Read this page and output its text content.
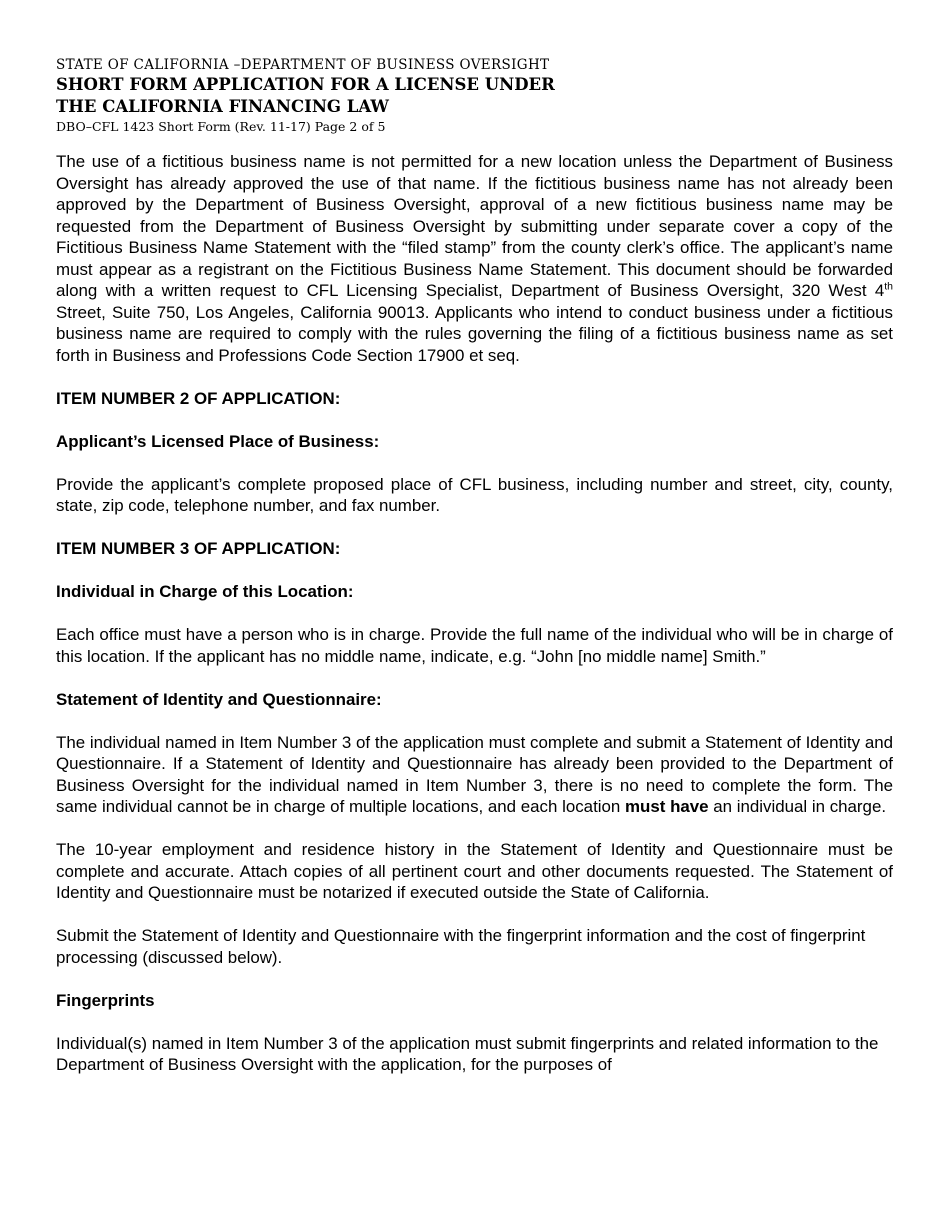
STATE OF CALIFORNIA –DEPARTMENT OF BUSINESS OVERSIGHT
SHORT FORM APPLICATION FOR A LICENSE UNDER
THE CALIFORNIA FINANCING LAW
DBO–CFL 1423 Short Form (Rev. 11-17) Page 2 of 5

The use of a fictitious business name is not permitted for a new location unless the Department of Business Oversight has already approved the use of that name. If the fictitious business name has not already been approved by the Department of Business Oversight, approval of a new fictitious business name may be requested from the Department of Business Oversight by submitting under separate cover a copy of the Fictitious Business Name Statement with the “filed stamp” from the county clerk’s office. The applicant’s name must appear as a registrant on the Fictitious Business Name Statement. This document should be forwarded along with a written request to CFL Licensing Specialist, Department of Business Oversight, 320 West 4th Street, Suite 750, Los Angeles, California 90013. Applicants who intend to conduct business under a fictitious business name are required to comply with the rules governing the filing of a fictitious business name as set forth in Business and Professions Code Section 17900 et seq.

ITEM NUMBER 2 OF APPLICATION:

Applicant’s Licensed Place of Business:

Provide the applicant’s complete proposed place of CFL business, including number and street, city, county, state, zip code, telephone number, and fax number.

ITEM NUMBER 3 OF APPLICATION:

Individual in Charge of this Location:

Each office must have a person who is in charge. Provide the full name of the individual who will be in charge of this location. If the applicant has no middle name, indicate, e.g. “John [no middle name] Smith.”

Statement of Identity and Questionnaire:

The individual named in Item Number 3 of the application must complete and submit a Statement of Identity and Questionnaire. If a Statement of Identity and Questionnaire has already been provided to the Department of Business Oversight for the individual named in Item Number 3, there is no need to complete the form. The same individual cannot be in charge of multiple locations, and each location must have an individual in charge.

The 10-year employment and residence history in the Statement of Identity and Questionnaire must be complete and accurate. Attach copies of all pertinent court and other documents requested. The Statement of Identity and Questionnaire must be notarized if executed outside the State of California.

Submit the Statement of Identity and Questionnaire with the fingerprint information and the cost of fingerprint processing (discussed below).

Fingerprints

Individual(s) named in Item Number 3 of the application must submit fingerprints and related information to the Department of Business Oversight with the application, for the purposes of
